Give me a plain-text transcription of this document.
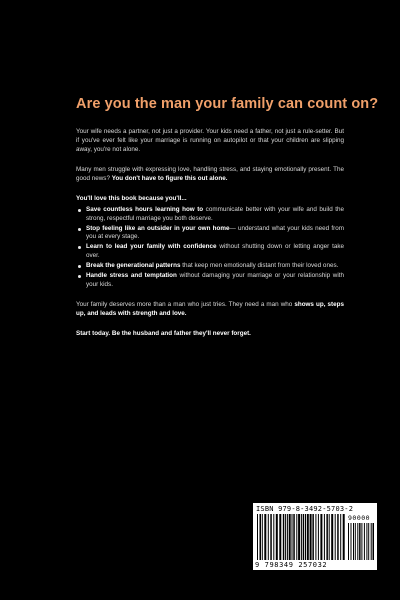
Are you the man your family can count on?

Your wife needs a partner, not just a provider. Your kids need a father, not just a rule-setter. But if you've ever felt like your marriage is running on autopilot or that your children are slipping away, you're not alone.

Many men struggle with expressing love, handling stress, and staying emotionally present. The good news? You don't have to figure this out alone.

You'll love this book because you'll...

Save countless hours learning how to communicate better with your wife and build the strong, respectful marriage you both deserve.
Stop feeling like an outsider in your own home— understand what your kids need from you at every stage.
Learn to lead your family with confidence without shutting down or letting anger take over.
Break the generational patterns that keep men emotionally distant from their loved ones.
Handle stress and temptation without damaging your marriage or your relationship with your kids.

Your family deserves more than a man who just tries. They need a man who shows up, steps up, and leads with strength and love.

Start today. Be the husband and father they'll never forget.

ISBN 979-8-3492-5703-2
90000
9 798349 257032
